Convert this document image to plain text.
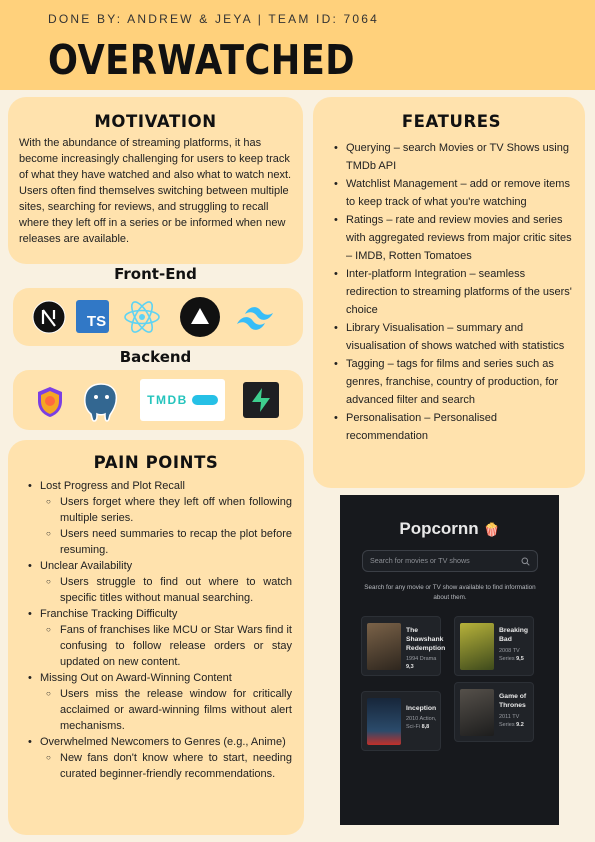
DONE BY: ANDREW & JEYA | TEAM ID: 7064
OVERWATCHED
MOTIVATION

With the abundance of streaming platforms, it has become increasingly challenging for users to keep track of what they have watched and also what to watch next. Users often find themselves switching between multiple sites, searching for reviews, and struggling to recall where they left off in a series or be informed when new releases are available.

Front-End
TS
Backend
TMDB
FEATURES
• Querying – search Movies or TV Shows using TMDb API
• Watchlist Management – add or remove items to keep track of what you're watching
• Ratings – rate and review movies and series with aggregated reviews from major critic sites – IMDB, Rotten Tomatoes
• Inter-platform Integration – seamless redirection to streaming platforms of the users' choice
• Library Visualisation – summary and visualisation of shows watched with statistics
• Tagging – tags for films and series such as genres, franchise, country of production, for advanced filter and search
• Personalisation – Personalised recommendation
PAIN POINTS
• Lost Progress and Plot Recall
○ Users forget where they left off when following multiple series.
○ Users need summaries to recap the plot before resuming.
• Unclear Availability
○ Users struggle to find out where to watch specific titles without manual searching.
• Franchise Tracking Difficulty
○ Fans of franchises like MCU or Star Wars find it confusing to follow release orders or stay updated on new content.
• Missing Out on Award-Winning Content
○ Users miss the release window for critically acclaimed or award-winning films without alert mechanisms.
• Overwhelmed Newcomers to Genres (e.g., Anime)
○ New fans don't know where to start, needing curated beginner-friendly recommendations.
Popcornn 🍿
Search for movies or TV shows
Search for any movie or TV show available to find information about them.
The Shawshank Redemption
1994 Drama
9,3
Breaking Bad
2008 TV Series 9,5
Inception
2010 Action, Sci-Fi 8,8
Game of Thrones
2011 TV Series 9.2
